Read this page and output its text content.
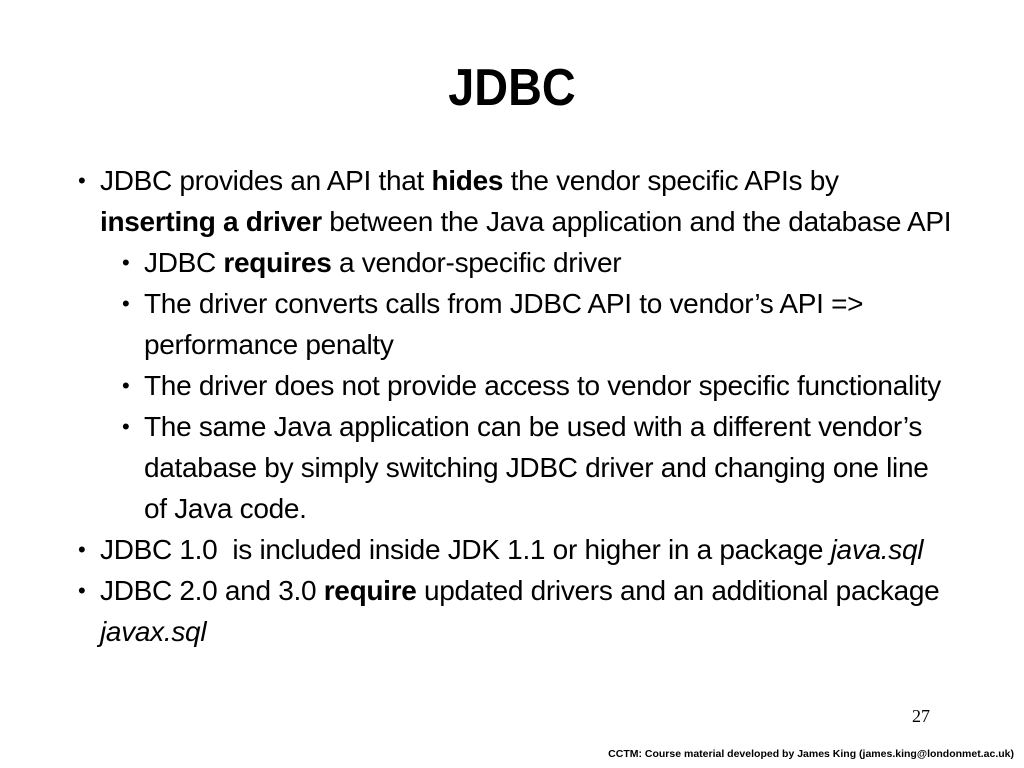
JDBC
• JDBC provides an API that hides the vendor specific APIs by
inserting a driver between the Java application and the database API
• JDBC requires a vendor-specific driver
• The driver converts calls from JDBC API to vendor’s API =>
performance penalty
• The driver does not provide access to vendor specific functionality
• The same Java application can be used with a different vendor’s
database by simply switching JDBC driver and changing one line
of Java code.
• JDBC 1.0  is included inside JDK 1.1 or higher in a package java.sql
• JDBC 2.0 and 3.0 require updated drivers and an additional package
javax.sql
27
CCTM: Course material developed by James King (james.king@londonmet.ac.uk)
